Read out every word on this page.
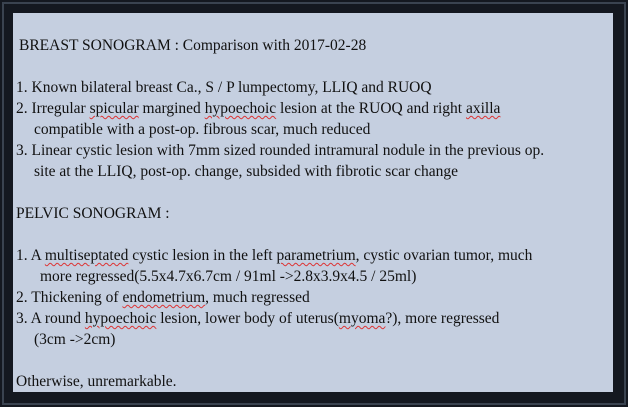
BREAST SONOGRAM : Comparison with 2017-02-28
1. Known bilateral breast Ca., S / P lumpectomy, LLIQ and RUOQ
2. Irregular spicular margined hypoechoic lesion at the RUOQ and right axilla
compatible with a post-op. fibrous scar, much reduced
3. Linear cystic lesion with 7mm sized rounded intramural nodule in the previous op.
site at the LLIQ, post-op. change, subsided with fibrotic scar change
PELVIC SONOGRAM :
1. A multiseptated cystic lesion in the left parametrium, cystic ovarian tumor, much
more regressed(5.5x4.7x6.7cm / 91ml ->2.8x3.9x4.5 / 25ml)
2. Thickening of endometrium, much regressed
3. A round hypoechoic lesion, lower body of uterus(myoma?), more regressed
(3cm ->2cm)
Otherwise, unremarkable.
